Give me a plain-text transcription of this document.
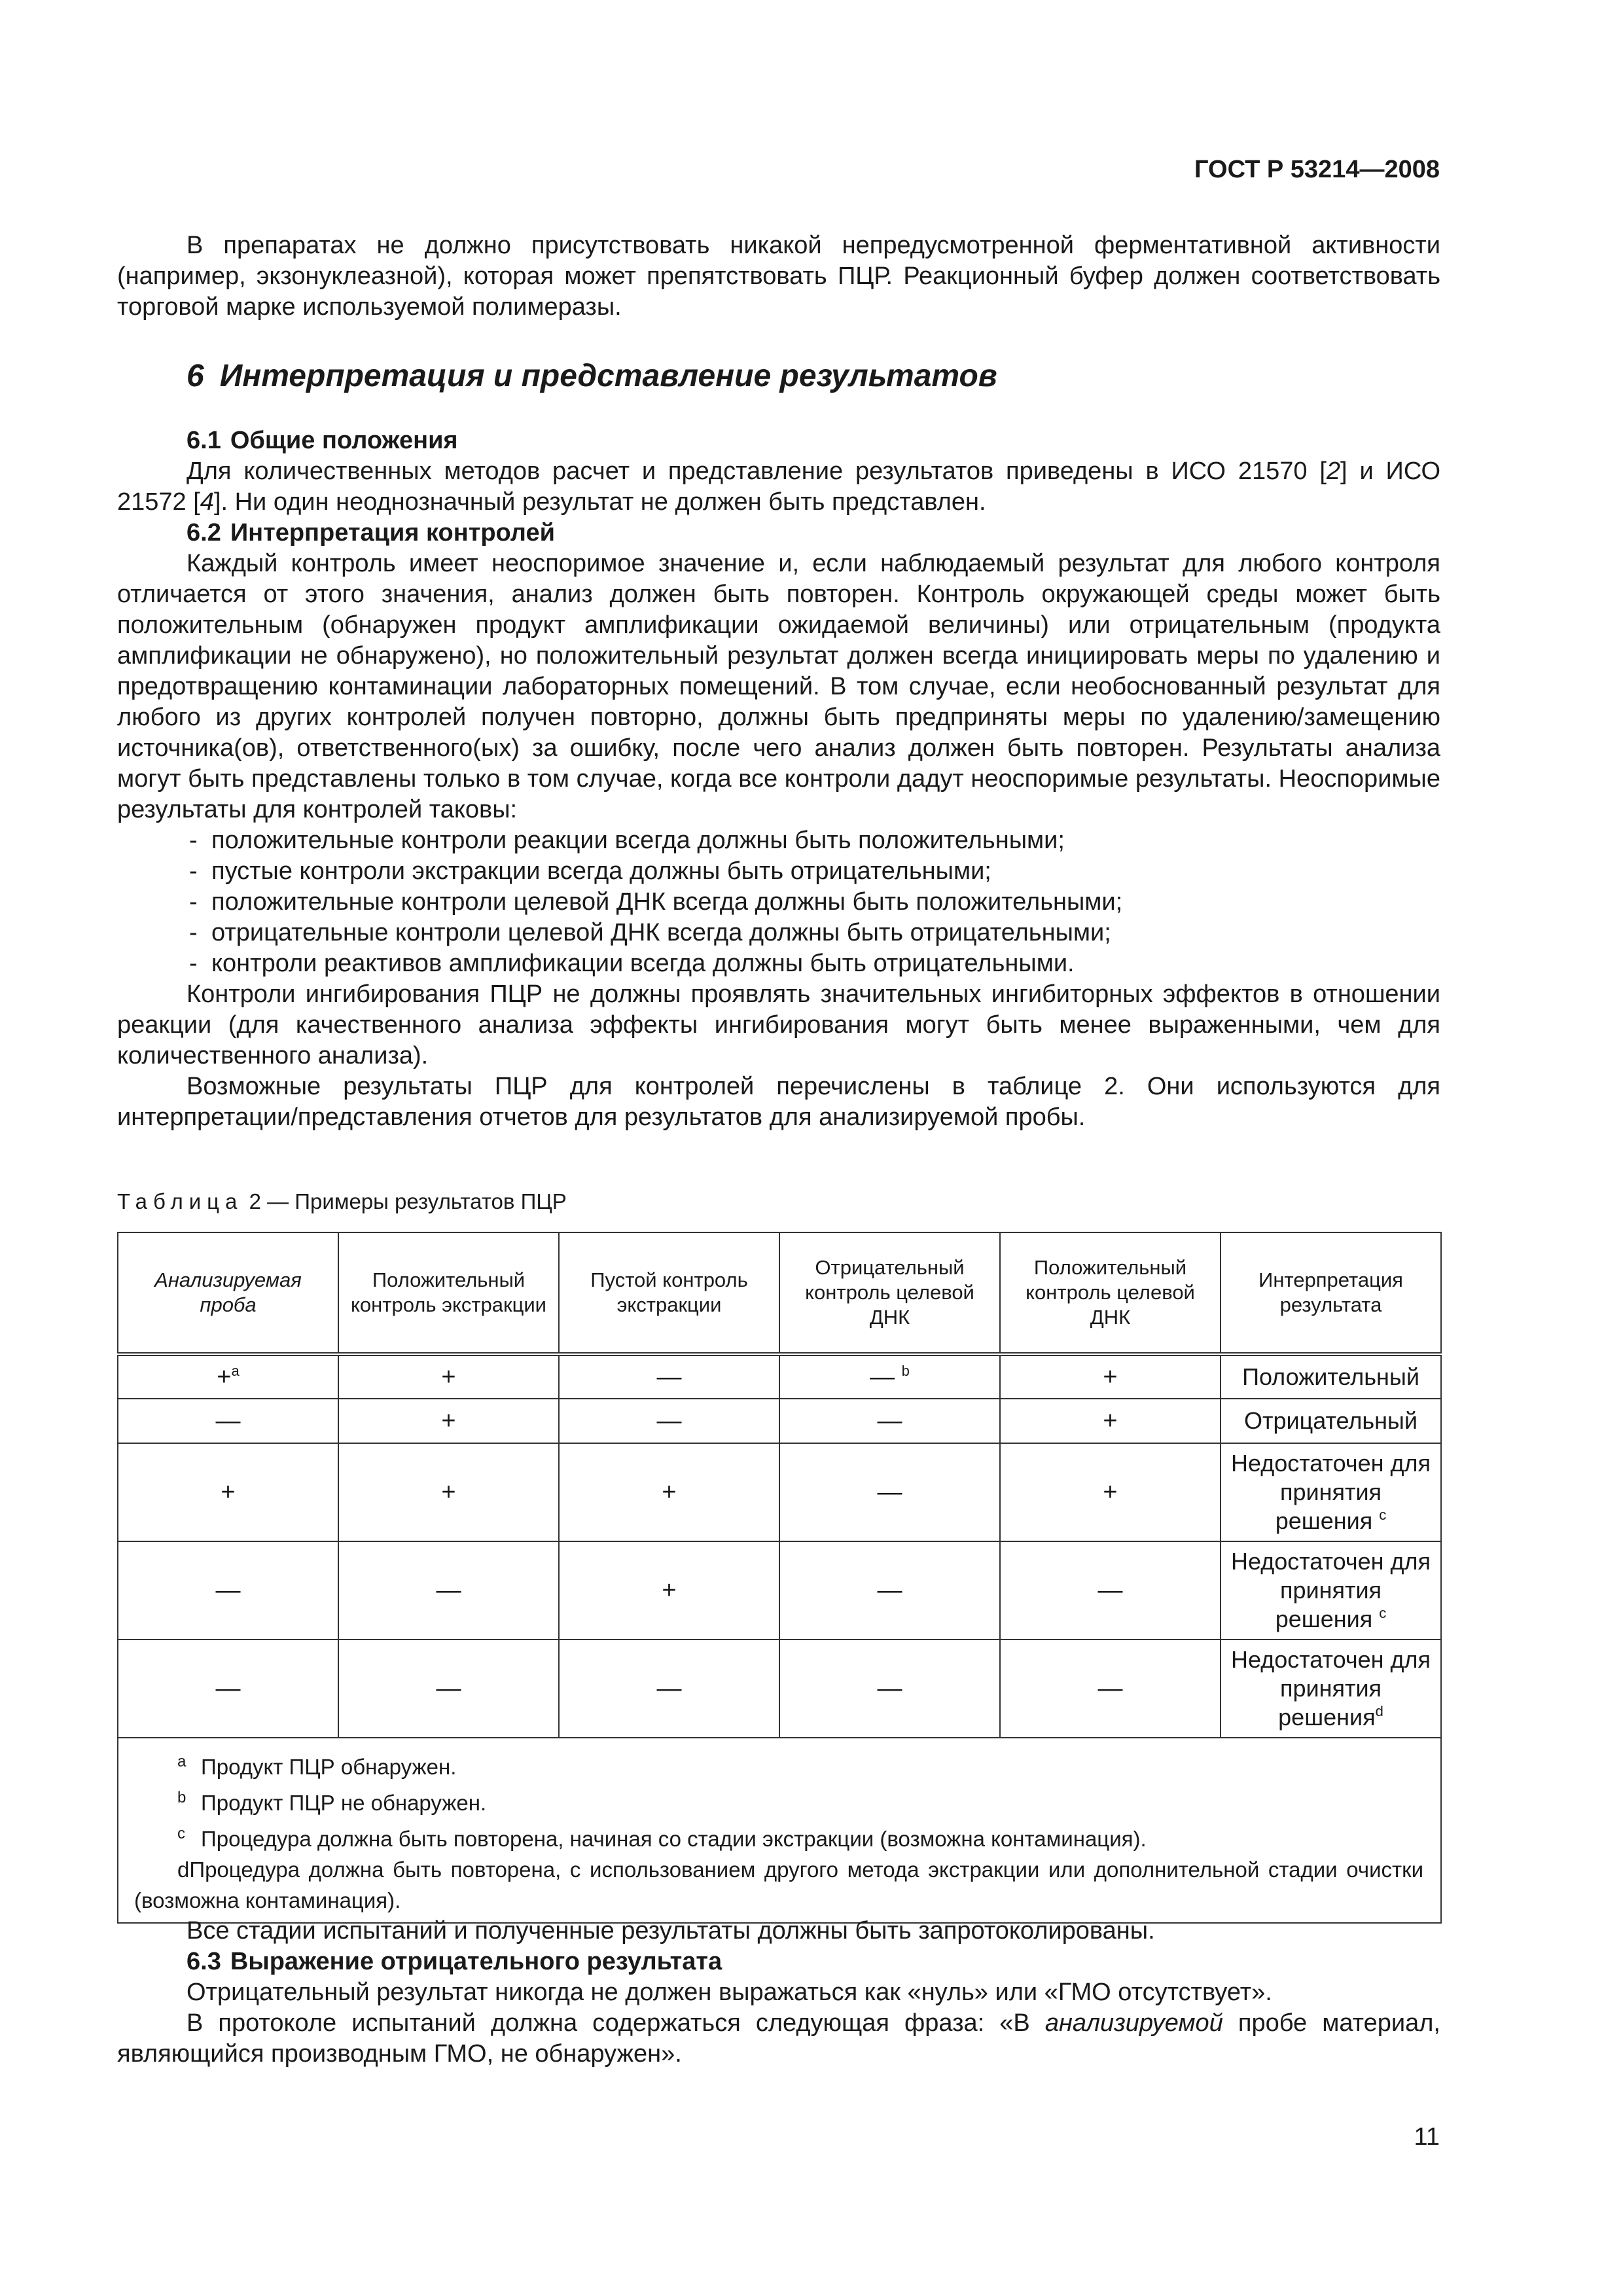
ГОСТ Р 53214—2008

В препаратах не должно присутствовать никакой непредусмотренной ферментативной активности (например, экзонуклеазной), которая может препятствовать ПЦР. Реакционный буфер должен соответствовать торговой марке используемой полимеразы.

6 Интерпретация и представление результатов
6.1 Общие положения

Для количественных методов расчет и представление результатов приведены в ИСО 21570 [2] и ИСО 21572 [4]. Ни один неоднозначный результат не должен быть представлен.

6.2 Интерпретация контролей

Каждый контроль имеет неоспоримое значение и, если наблюдаемый результат для любого контроля отличается от этого значения, анализ должен быть повторен. Контроль окружающей среды может быть положительным (обнаружен продукт амплификации ожидаемой величины) или отрицательным (продукта амплификации не обнаружено), но положительный результат должен всегда инициировать меры по удалению и предотвращению контаминации лабораторных помещений. В том случае, если необоснованный результат для любого из других контролей получен повторно, должны быть предприняты меры по удалению/замещению источника(ов), ответственного(ых) за ошибку, после чего анализ должен быть повторен. Результаты анализа могут быть представлены только в том случае, когда все контроли дадут неоспоримые результаты. Неоспоримые результаты для контролей таковы:

- положительные контроли реакции всегда должны быть положительными;
- пустые контроли экстракции всегда должны быть отрицательными;
- положительные контроли целевой ДНК всегда должны быть положительными;
- отрицательные контроли целевой ДНК всегда должны быть отрицательными;
- контроли реактивов амплификации всегда должны быть отрицательными.

Контроли ингибирования ПЦР не должны проявлять значительных ингибиторных эффектов в отношении реакции (для качественного анализа эффекты ингибирования могут быть менее выраженными, чем для количественного анализа).

Возможные результаты ПЦР для контролей перечислены в таблице 2. Они используются для интерпретации/представления отчетов для результатов для анализируемой пробы.

Таблица 2 — Примеры результатов ПЦР
Анализируемая проба	Положительный контроль экстракции	Пустой контроль экстракции	Отрицательный контроль целевой ДНК	Положительный контроль целевой ДНК	Интерпретация результата
+$^a$	+	—	— $^b$	+	Положительный
—	+	—	—	+	Отрицательный
+	+	+	—	+	Недостаточен для принятия решения $^c$
—	—	+	—	—	Недостаточен для принятия решения $^c$
—	—	—	—	—	Недостаточен для принятия решения$^d$

a Продукт ПЦР обнаружен.
b Продукт ПЦР не обнаружен.
c Процедура должна быть повторена, начиная со стадии экстракции (возможна контаминация).
dПроцедура должна быть повторена, с использованием другого метода экстракции или дополнительной стадии очистки (возможна контаминация).					

Все стадии испытаний и полученные результаты должны быть запротоколированы.

6.3 Выражение отрицательного результата

Отрицательный результат никогда не должен выражаться как «нуль» или «ГМО отсутствует».

В протоколе испытаний должна содержаться следующая фраза: «В анализируемой пробе материал, являющийся производным ГМО, не обнаружен».

11
